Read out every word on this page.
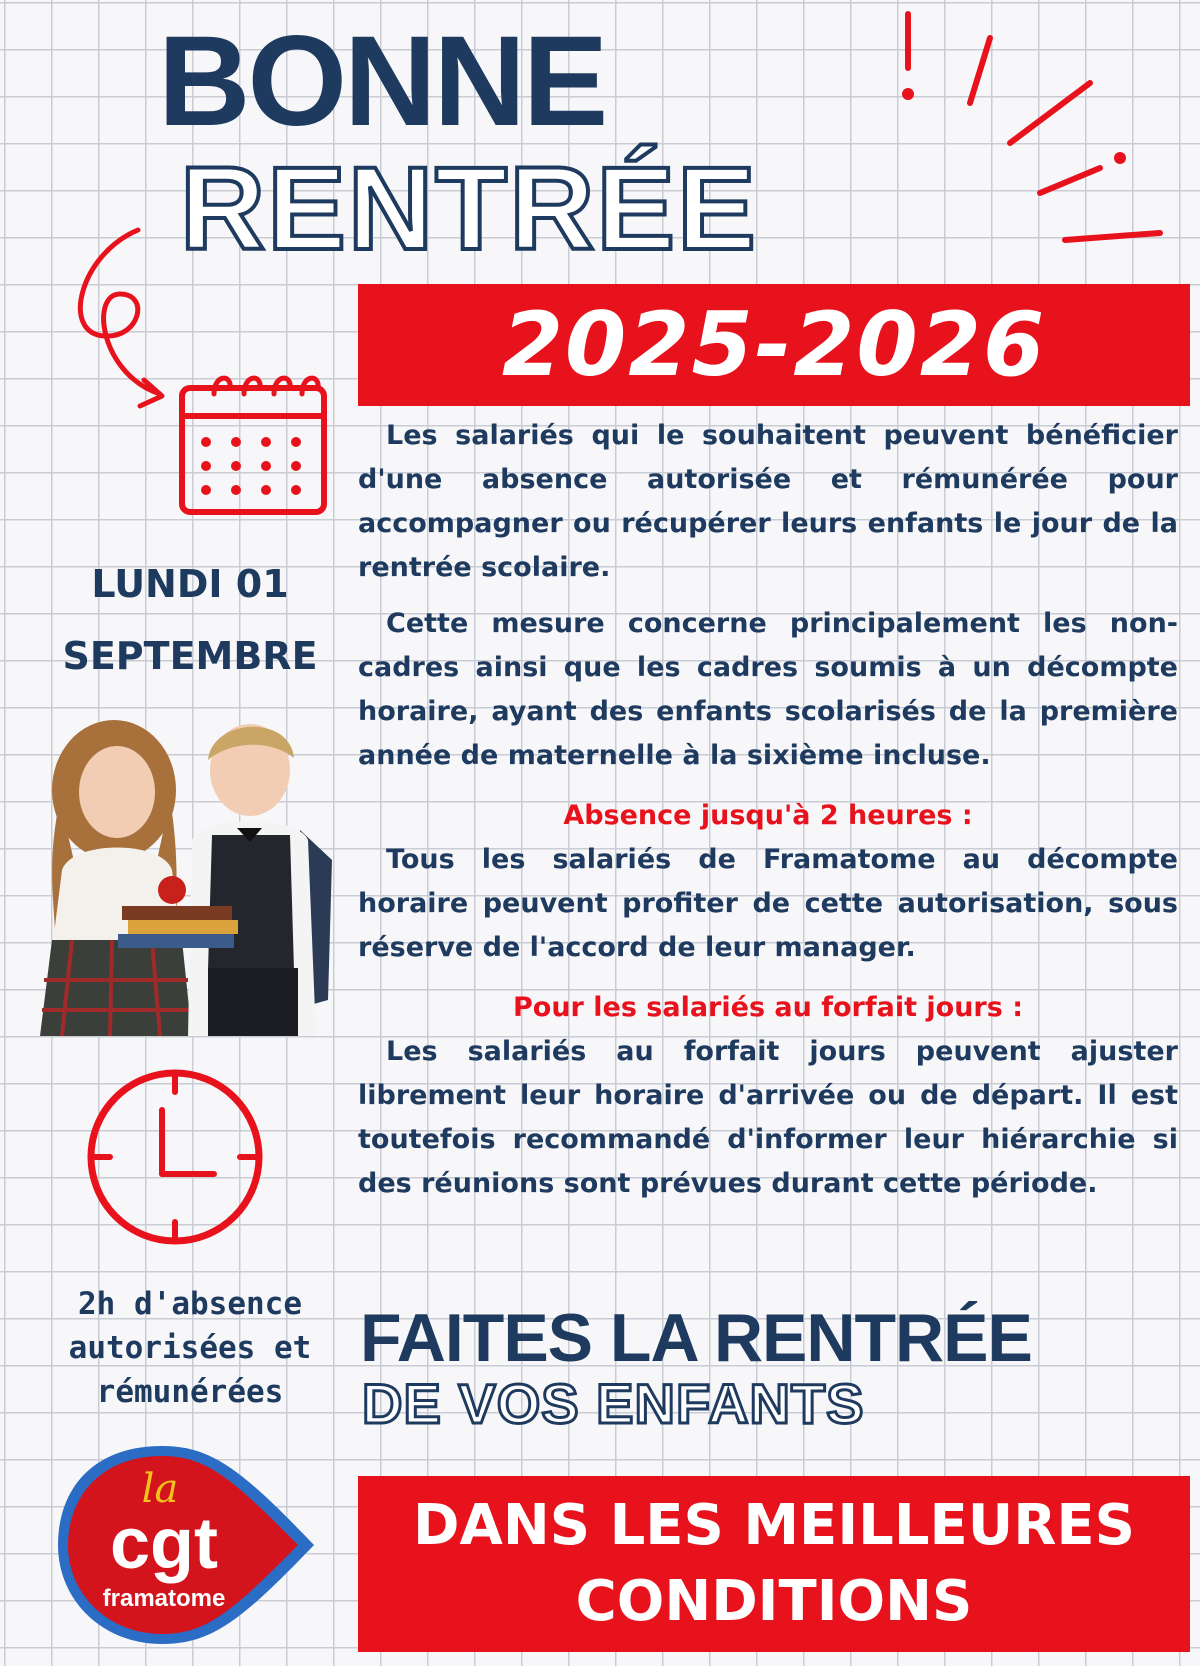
BONNE
RENTRÉE
2025-2026
LUNDI 01
SEPTEMBRE
2h d'absence
autorisées et
rémunérées

Les salariés qui le souhaitent peuvent bénéficier d'une absence autorisée et rémunérée pour accompagner ou récupérer leurs enfants le jour de la rentrée scolaire.

Cette mesure concerne principalement les non-cadres ainsi que les cadres soumis à un décompte horaire, ayant des enfants scolarisés de la première année de maternelle à la sixième incluse.

Absence jusqu'à 2 heures :

Tous les salariés de Framatome au décompte horaire peuvent profiter de cette autorisation, sous réserve de l'accord de leur manager.

Pour les salariés au forfait jours :

Les salariés au forfait jours peuvent ajuster librement leur horaire d'arrivée ou de départ. Il est toutefois recommandé d'informer leur hiérarchie si des réunions sont prévues durant cette période.

FAITES LA RENTRÉE
DE VOS ENFANTS
DANS LES MEILLEURES
CONDITIONS
la
cgt
framatome
